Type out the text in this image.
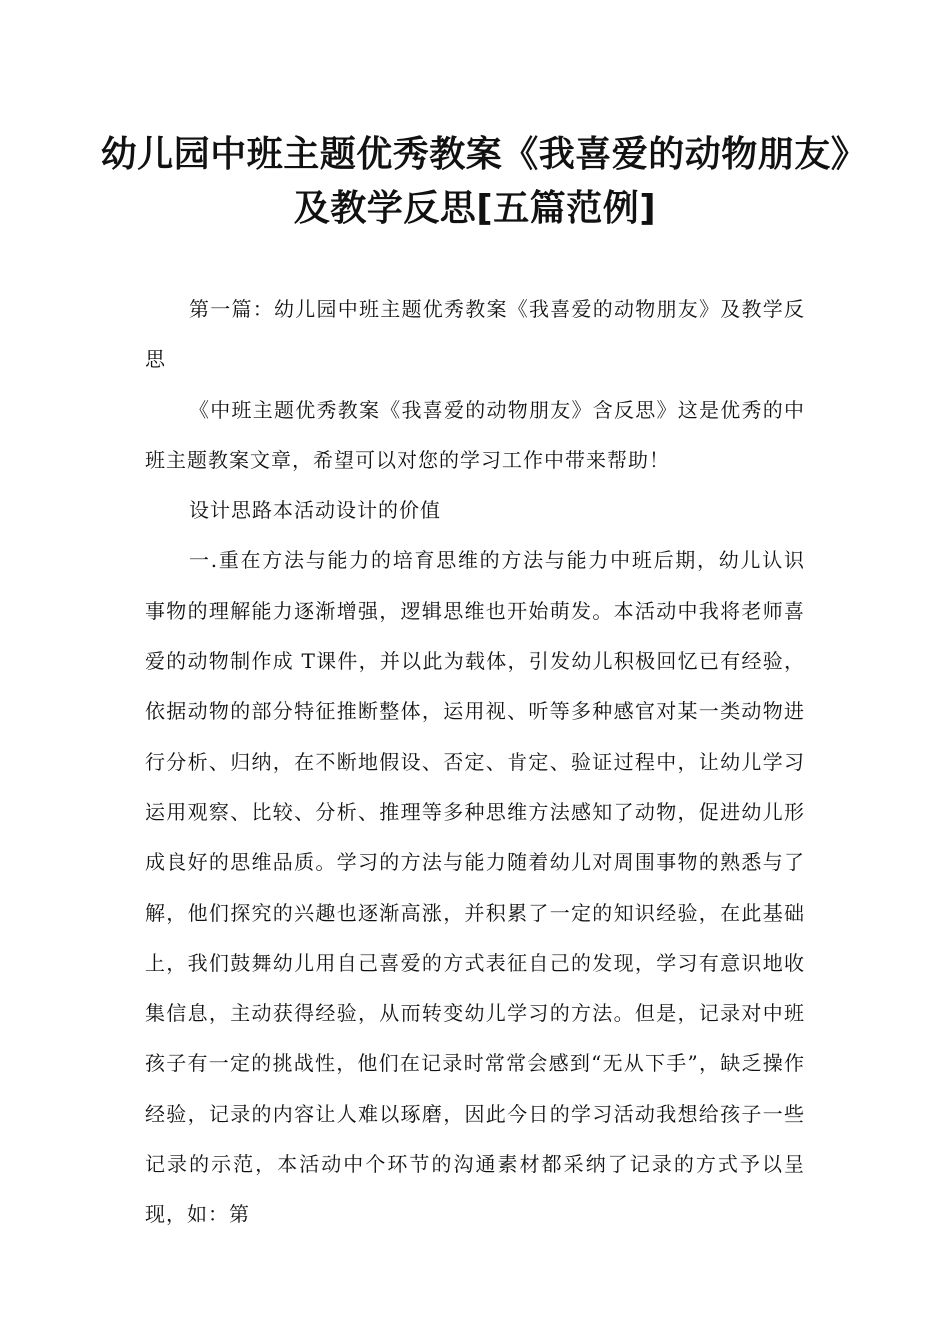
幼儿园中班主题优秀教案《我喜爱的动物朋友》及教学反思[五篇范例]

第一篇：幼儿园中班主题优秀教案《我喜爱的动物朋友》及教学反思

《中班主题优秀教案《我喜爱的动物朋友》含反思》这是优秀的中班主题教案文章，希望可以对您的学习工作中带来帮助！

设计思路本活动设计的价值

一.重在方法与能力的培育思维的方法与能力中班后期，幼儿认识事物的理解能力逐渐增强，逻辑思维也开始萌发。本活动中我将老师喜爱的动物制作成 T课件，并以此为载体，引发幼儿积极回忆已有经验，依据动物的部分特征推断整体，运用视、听等多种感官对某一类动物进行分析、归纳，在不断地假设、否定、肯定、验证过程中，让幼儿学习运用观察、比较、分析、推理等多种思维方法感知了动物，促进幼儿形成良好的思维品质。学习的方法与能力随着幼儿对周围事物的熟悉与了解，他们探究的兴趣也逐渐高涨，并积累了一定的知识经验，在此基础上，我们鼓舞幼儿用自己喜爱的方式表征自己的发现，学习有意识地收集信息，主动获得经验，从而转变幼儿学习的方法。但是，记录对中班孩子有一定的挑战性，他们在记录时常常会感到“无从下手”，缺乏操作经验，记录的内容让人难以琢磨，因此今日的学习活动我想给孩子一些记录的示范，本活动中个环节的沟通素材都采纳了记录的方式予以呈现，如：第
